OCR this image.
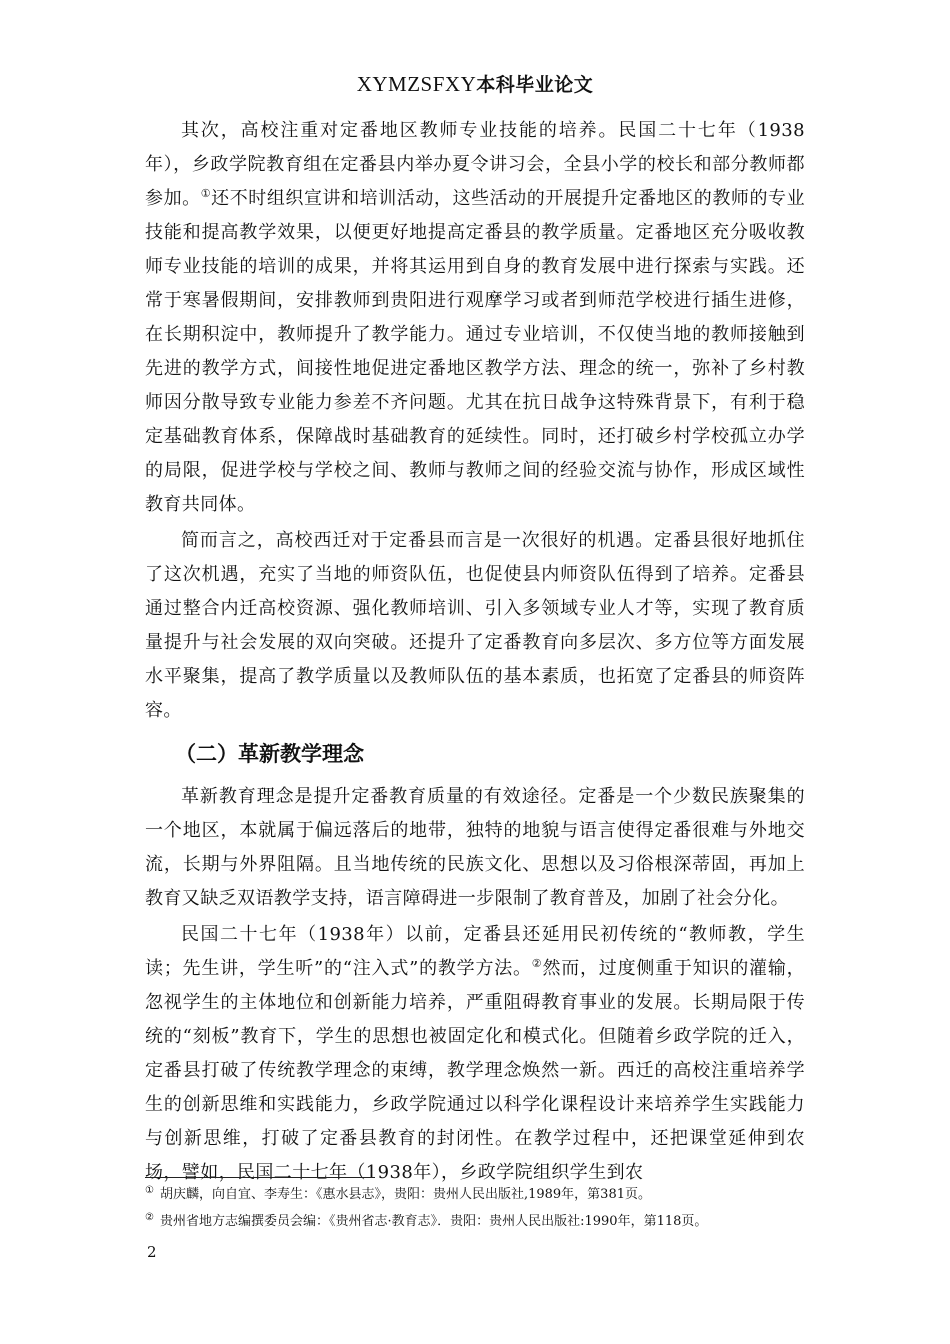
XYMZSFXY本科毕业论文

其次，高校注重对定番地区教师专业技能的培养。民国二十七年（1938年），乡政学院教育组在定番县内举办夏令讲习会，全县小学的校长和部分教师都参加。①还不时组织宣讲和培训活动，这些活动的开展提升定番地区的教师的专业技能和提高教学效果，以便更好地提高定番县的教学质量。定番地区充分吸收教师专业技能的培训的成果，并将其运用到自身的教育发展中进行探索与实践。还常于寒暑假期间，安排教师到贵阳进行观摩学习或者到师范学校进行插生进修，在长期积淀中，教师提升了教学能力。通过专业培训，不仅使当地的教师接触到先进的教学方式，间接性地促进定番地区教学方法、理念的统一，弥补了乡村教师因分散导致专业能力参差不齐问题。尤其在抗日战争这特殊背景下，有利于稳定基础教育体系，保障战时基础教育的延续性。同时，还打破乡村学校孤立办学的局限，促进学校与学校之间、教师与教师之间的经验交流与协作，形成区域性教育共同体。

简而言之，高校西迁对于定番县而言是一次很好的机遇。定番县很好地抓住了这次机遇，充实了当地的师资队伍，也促使县内师资队伍得到了培养。定番县通过整合内迁高校资源、强化教师培训、引入多领域专业人才等，实现了教育质量提升与社会发展的双向突破。还提升了定番教育向多层次、多方位等方面发展水平聚集，提高了教学质量以及教师队伍的基本素质，也拓宽了定番县的师资阵容。

（二）革新教学理念

革新教育理念是提升定番教育质量的有效途径。定番是一个少数民族聚集的一个地区，本就属于偏远落后的地带，独特的地貌与语言使得定番很难与外地交流，长期与外界阻隔。且当地传统的民族文化、思想以及习俗根深蒂固，再加上教育又缺乏双语教学支持，语言障碍进一步限制了教育普及，加剧了社会分化。

民国二十七年（1938年）以前，定番县还延用民初传统的“教师教，学生读；先生讲，学生听”的“注入式”的教学方法。②然而，过度侧重于知识的灌输，忽视学生的主体地位和创新能力培养，严重阻碍教育事业的发展。长期局限于传统的“刻板”教育下，学生的思想也被固定化和模式化。但随着乡政学院的迁入，定番县打破了传统教学理念的束缚，教学理念焕然一新。西迁的高校注重培养学生的创新思维和实践能力，乡政学院通过以科学化课程设计来培养学生实践能力与创新思维，打破了定番县教育的封闭性。在教学过程中，还把课堂延伸到农场，譬如，民国二十七年（1938年），乡政学院组织学生到农

① 胡庆麟，向自宜、李寿生：《惠水县志》，贵阳：贵州人民出版社,1989年，第381页。

② 贵州省地方志编撰委员会编：《贵州省志·教育志》．贵阳：贵州人民出版社:1990年，第118页。

2
